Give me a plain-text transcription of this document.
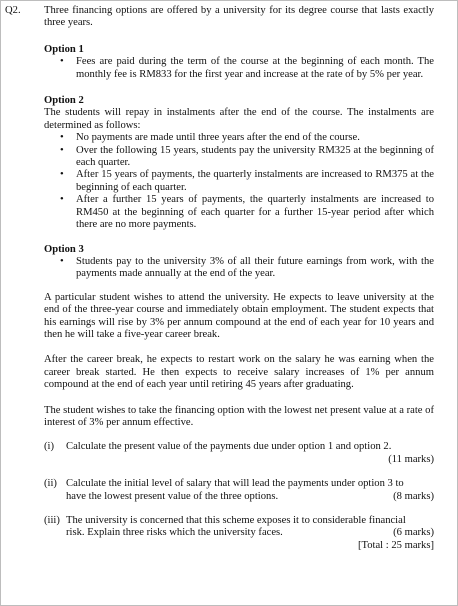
Q2. Three financing options are offered by a university for its degree course that lasts exactly three years.

Option 1
• Fees are paid during the term of the course at the beginning of each month. The monthly fee is RM833 for the first year and increase at the rate of by 5% per year.
Option 2
The students will repay in instalments after the end of the course. The instalments are determined as follows:
• No payments are made until three years after the end of the course.
• Over the following 15 years, students pay the university RM325 at the beginning of each quarter.
• After 15 years of payments, the quarterly instalments are increased to RM375 at the beginning of each quarter.
• After a further 15 years of payments, the quarterly instalments are increased to RM450 at the beginning of each quarter for a further 15-year period after which there are no more payments.
Option 3
• Students pay to the university 3% of all their future earnings from work, with the payments made annually at the end of the year.

A particular student wishes to attend the university. He expects to leave university at the end of the three-year course and immediately obtain employment. The student expects that his earnings will rise by 3% per annum compound at the end of each year for 10 years and then he will take a five-year career break.

After the career break, he expects to restart work on the salary he was earning when the career break started. He then expects to receive salary increases of 1% per annum compound at the end of each year until retiring 45 years after graduating.

The student wishes to take the financing option with the lowest net present value at a rate of interest of 3% per annum effective.

(i) Calculate the present value of the payments due under option 1 and option 2.
(11 marks)
(ii) Calculate the initial level of salary that will lead the payments under option 3 to
have the lowest present value of the three options.	(8 marks)
(iii) The university is concerned that this scheme exposes it to considerable financial
risk. Explain three risks which the university faces.	(6 marks)
[Total : 25 marks]
